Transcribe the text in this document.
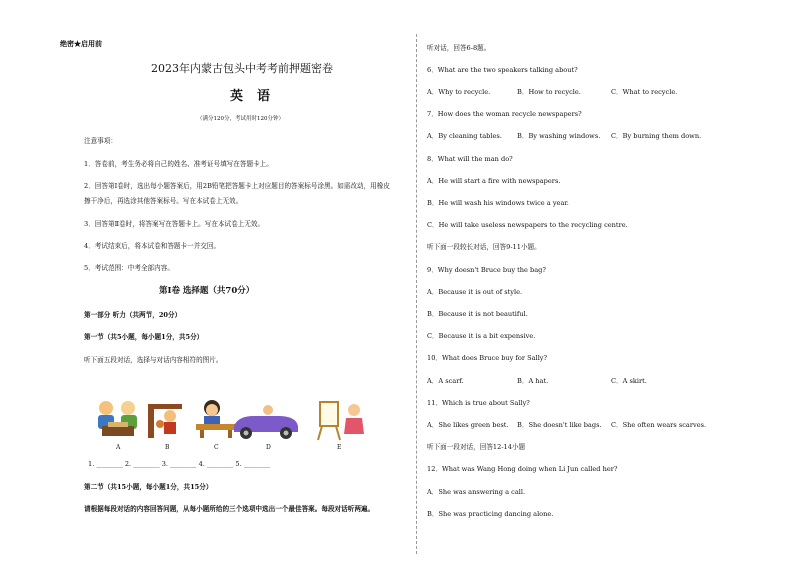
绝密★启用前
2023年内蒙古包头中考考前押题密卷
英语
（满分120分，考试用时120分钟）
注意事项：
1．答卷前，考生务必将自己的姓名、准考证号填写在答题卡上。
2．回答第Ⅰ卷时，选出每小题答案后，用2B铅笔把答题卡上对应题目的答案标号涂黑。如需改动，用橡皮
擦干净后，再选涂其他答案标号。写在本试卷上无效。
3．回答第Ⅱ卷时，将答案写在答题卡上。写在本试卷上无效。
4．考试结束后，将本试卷和答题卡一并交回。
5．考试范围：中考全部内容。
第Ⅰ卷 选择题（共70分）
第一部分 听力（共两节，20分）
第一节（共5小题，每小题1分，共5分）
听下面五段对话，选择与对话内容相符的图片。
A	B	C	D	E
1. ________ 2. ________ 3. ________ 4. ________ 5. ________
第二节（共15小题，每小题1分，共15分）
请根据每段对话的内容回答问题，从每小题所给的三个选项中选出一个最佳答案。每段对话听两遍。
听对话，回答6-8题。
6．What are the two speakers talking about?
A．Why to recycle.	B．How to recycle.	C．What to recycle.
7．How does the woman recycle newspapers?
A．By cleaning tables. B．By washing windows. C．By burning them down.
8．What will the man do?
A．He will start a fire with newspapers.
B．He will wash his windows twice a year.
C．He will take useless newspapers to the recycling centre.
听下面一段较长对话，回答9-11小题。
9．Why doesn't Bruce buy the bag?
A．Because it is out of style.
B．Because it is not beautiful.
C．Because it is a bit expensive.
10．What does Bruce buy for Sally?
A．A scarf.	B．A hat.	C．A skirt.
11．Which is true about Sally?
A．She likes green best. B．She doesn't like bags. C．She often wears scarves.
听下面一段对话，回答12-14小题
12．What was Wang Hong doing when Li Jun called her?
A．She was answering a call.
B．She was practicing dancing alone.
